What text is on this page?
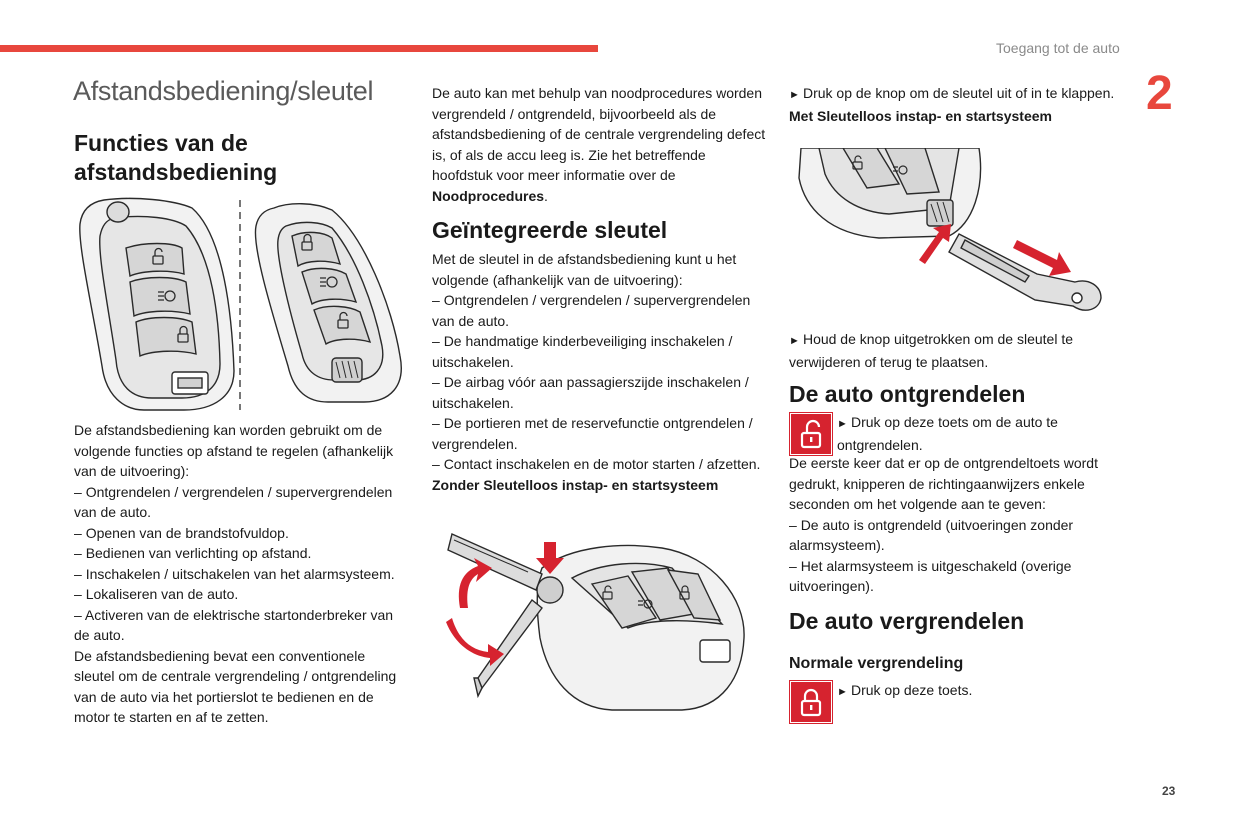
Toegang tot de auto
2
23
Afstandsbediening/sleutel
Functies van de afstandsbediening

De afstandsbediening kan worden gebruikt om de volgende functies op afstand te regelen (afhankelijk van de uitvoering):

– Ontgrendelen / vergrendelen / supervergrendelen van de auto.
– Openen van de brandstofvuldop.
– Bedienen van verlichting op afstand.
– Inschakelen / uitschakelen van het alarmsysteem.
– Lokaliseren van de auto.
– Activeren van de elektrische startonderbreker van de auto.

De afstandsbediening bevat een conventionele sleutel om de centrale vergrendeling / ontgrendeling van de auto via het portierslot te bedienen en de motor te starten en af te zetten.

De auto kan met behulp van noodprocedures worden vergrendeld / ontgrendeld, bijvoorbeeld als de afstandsbediening of de centrale vergrendeling defect is, of als de accu leeg is. Zie het betreffende hoofdstuk voor meer informatie over de Noodprocedures.

Geïntegreerde sleutel

Met de sleutel in de afstandsbediening kunt u het volgende (afhankelijk van de uitvoering):

– Ontgrendelen / vergrendelen / supervergrendelen van de auto.
– De handmatige kinderbeveiliging inschakelen / uitschakelen.
– De airbag vóór aan passagierszijde inschakelen / uitschakelen.
– De portieren met de reservefunctie ontgrendelen / vergrendelen.
– Contact inschakelen en de motor starten / afzetten.

Zonder Sleutelloos instap- en startsysteem

► Druk op de knop om de sleutel uit of in te klappen.

Met Sleutelloos instap- en startsysteem

► Houd de knop uitgetrokken om de sleutel te verwijderen of terug te plaatsen.

De auto ontgrendelen

► Druk op deze toets om de auto te ontgrendelen.

De eerste keer dat er op de ontgrendeltoets wordt gedrukt, knipperen de richtingaanwijzers enkele seconden om het volgende aan te geven:

– De auto is ontgrendeld (uitvoeringen zonder alarmsysteem).
– Het alarmsysteem is uitgeschakeld (overige uitvoeringen).
De auto vergrendelen
Normale vergrendeling

► Druk op deze toets.
